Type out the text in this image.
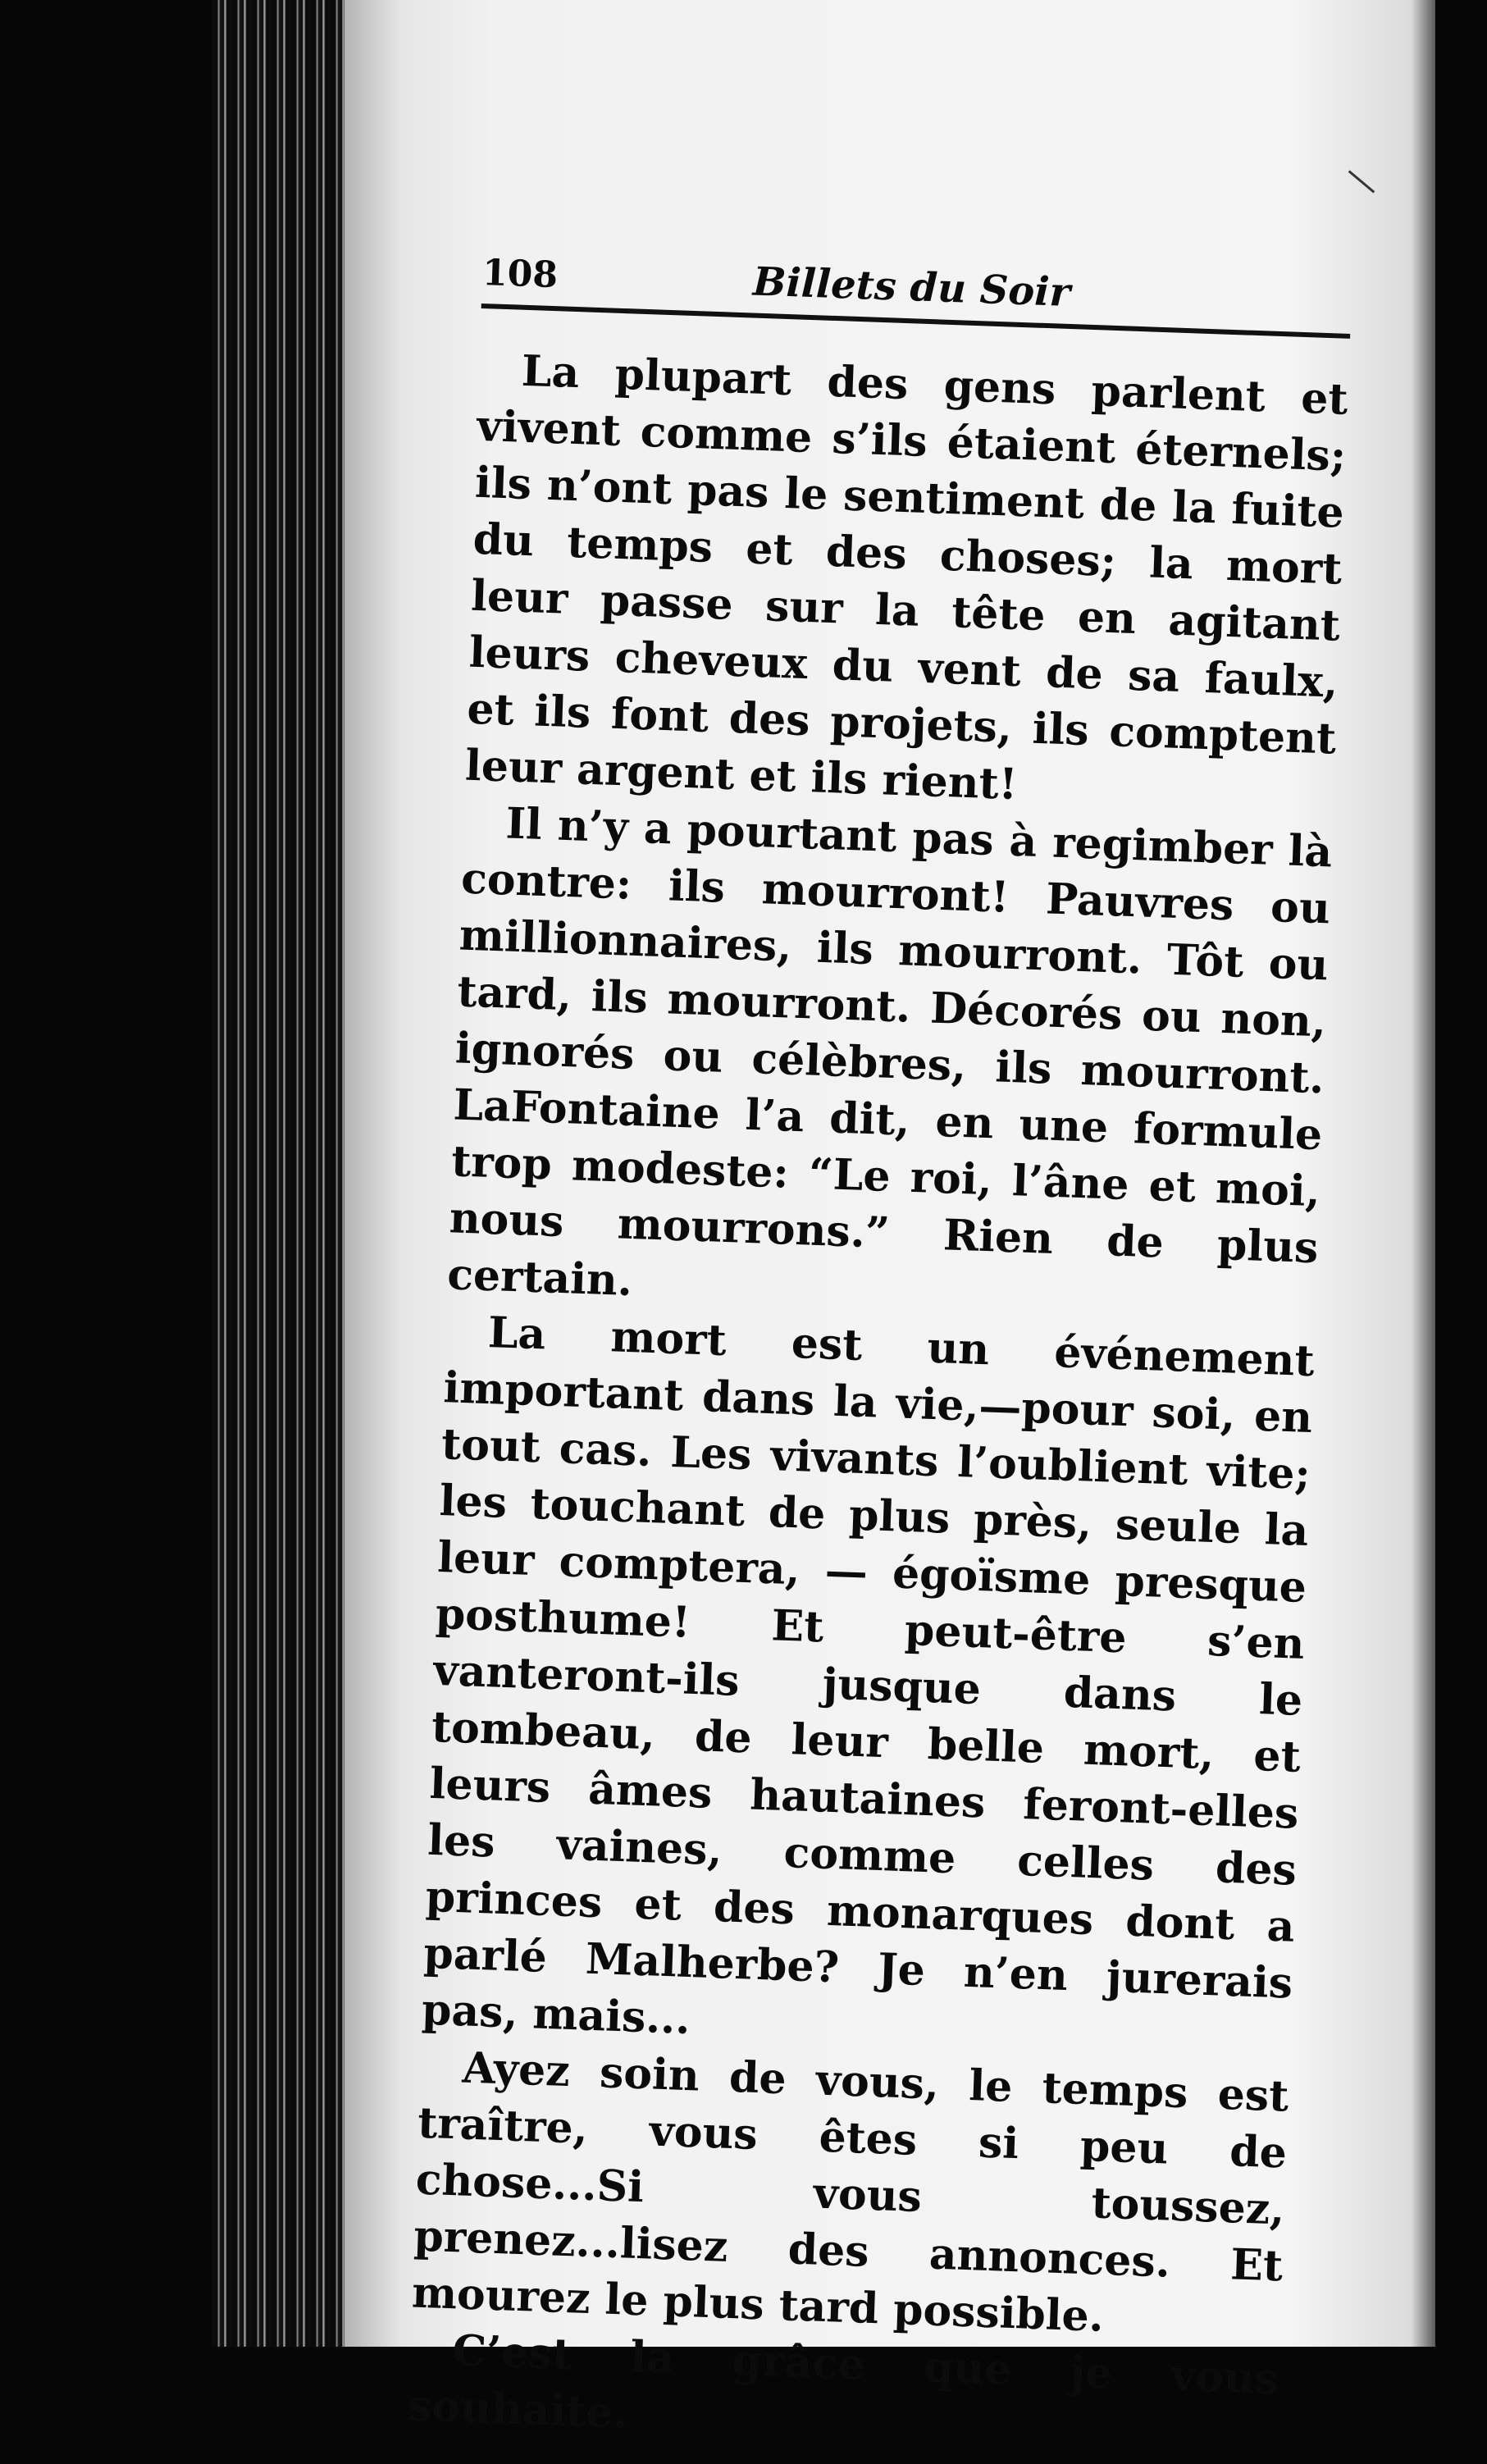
108	Billets du Soir

La plupart des gens parlent et vivent comme s’ils étaient éternels; ils n’ont pas le sentiment de la fuite du temps et des choses; la mort leur passe sur la tête en agitant leurs cheveux du vent de sa faulx, et ils font des projets, ils comptent leur argent et ils rient!

Il n’y a pourtant pas à regimber là contre: ils mourront! Pauvres ou millionnaires, ils mourront. Tôt ou tard, ils mourront. Décorés ou non, ignorés ou célèbres, ils mourront. LaFontaine l’a dit, en une formule trop modeste: “Le roi, l’âne et moi, nous mourrons.” Rien de plus certain.

La mort est un événement important dans la vie,—pour soi, en tout cas. Les vivants l’oublient vite; les touchant de plus près, seule la leur comptera, — égoïsme presque posthume! Et peut-être s’en vanteront-ils jusque dans le tombeau, de leur belle mort, et leurs âmes hautaines feront-elles les vaines, comme celles des princes et des monarques dont a parlé Malherbe? Je n’en jurerais pas, mais...

Ayez soin de vous, le temps est traître, vous êtes si peu de chose...Si vous toussez, prenez...lisez des annonces. Et mourez le plus tard possible.

C’est la grâce que je vous souhaite.
